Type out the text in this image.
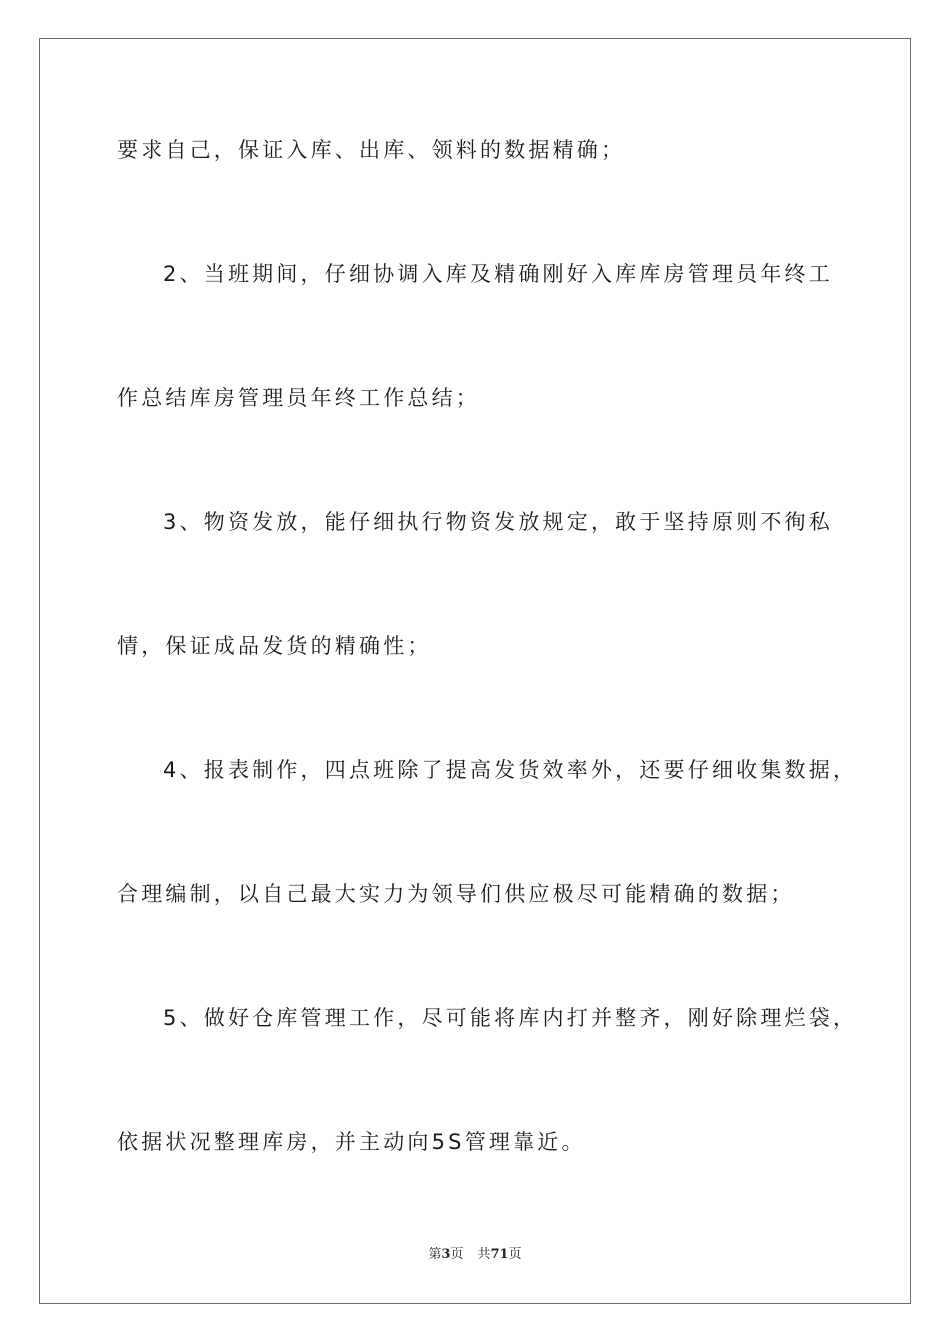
要求自己，保证入库、出库、领料的数据精确；
2、当班期间，仔细协调入库及精确刚好入库库房管理员年终工
作总结库房管理员年终工作总结；
3、物资发放，能仔细执行物资发放规定，敢于坚持原则不徇私
情，保证成品发货的精确性；
4、报表制作，四点班除了提高发货效率外，还要仔细收集数据，
合理编制，以自己最大实力为领导们供应极尽可能精确的数据；
5、做好仓库管理工作，尽可能将库内打并整齐，刚好除理烂袋，
依据状况整理库房，并主动向5S管理靠近。
第3页 共71页
